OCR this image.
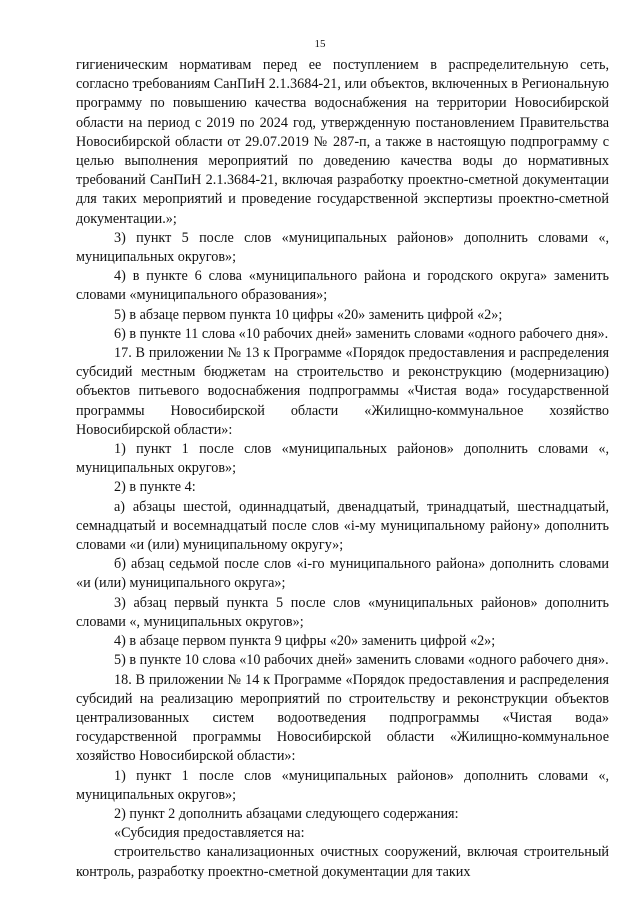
15

гигиеническим нормативам перед ее поступлением в распределительную сеть, согласно требованиям СанПиН 2.1.3684-21, или объектов, включенных в Региональную программу по повышению качества водоснабжения на территории Новосибирской области на период с 2019 по 2024 год, утвержденную постановлением Правительства Новосибирской области от 29.07.2019 № 287-п, а также в настоящую подпрограмму с целью выполнения мероприятий по доведению качества воды до нормативных требований СанПиН 2.1.3684-21, включая разработку проектно-сметной документации для таких мероприятий и проведение государственной экспертизы проектно-сметной документации.»;

3) пункт 5 после слов «муниципальных районов» дополнить словами «, муниципальных округов»;

4) в пункте 6 слова «муниципального района и городского округа» заменить словами «муниципального образования»;

5) в абзаце первом пункта 10 цифры «20» заменить цифрой «2»;

6) в пункте 11 слова «10 рабочих дней» заменить словами «одного рабочего дня».

17. В приложении № 13 к Программе «Порядок предоставления и распределения субсидий местным бюджетам на строительство и реконструкцию (модернизацию) объектов питьевого водоснабжения подпрограммы «Чистая вода» государственной программы Новосибирской области «Жилищно-коммунальное хозяйство Новосибирской области»:

1) пункт 1 после слов «муниципальных районов» дополнить словами «, муниципальных округов»;

2) в пункте 4:

а) абзацы шестой, одиннадцатый, двенадцатый, тринадцатый, шестнадцатый, семнадцатый и восемнадцатый после слов «i-му муниципальному району» дополнить словами «и (или) муниципальному округу»;

б) абзац седьмой после слов «i-го муниципального района» дополнить словами «и (или) муниципального округа»;

3) абзац первый пункта 5 после слов «муниципальных районов» дополнить словами «, муниципальных округов»;

4) в абзаце первом пункта 9 цифры «20» заменить цифрой «2»;

5) в пункте 10 слова «10 рабочих дней» заменить словами «одного рабочего дня».

18. В приложении № 14 к Программе «Порядок предоставления и распределения субсидий на реализацию мероприятий по строительству и реконструкции объектов централизованных систем водоотведения подпрограммы «Чистая вода» государственной программы Новосибирской области «Жилищно-коммунальное хозяйство Новосибирской области»:

1) пункт 1 после слов «муниципальных районов» дополнить словами «, муниципальных округов»;

2) пункт 2 дополнить абзацами следующего содержания:

«Субсидия предоставляется на:

строительство канализационных очистных сооружений, включая строительный контроль, разработку проектно-сметной документации для таких
